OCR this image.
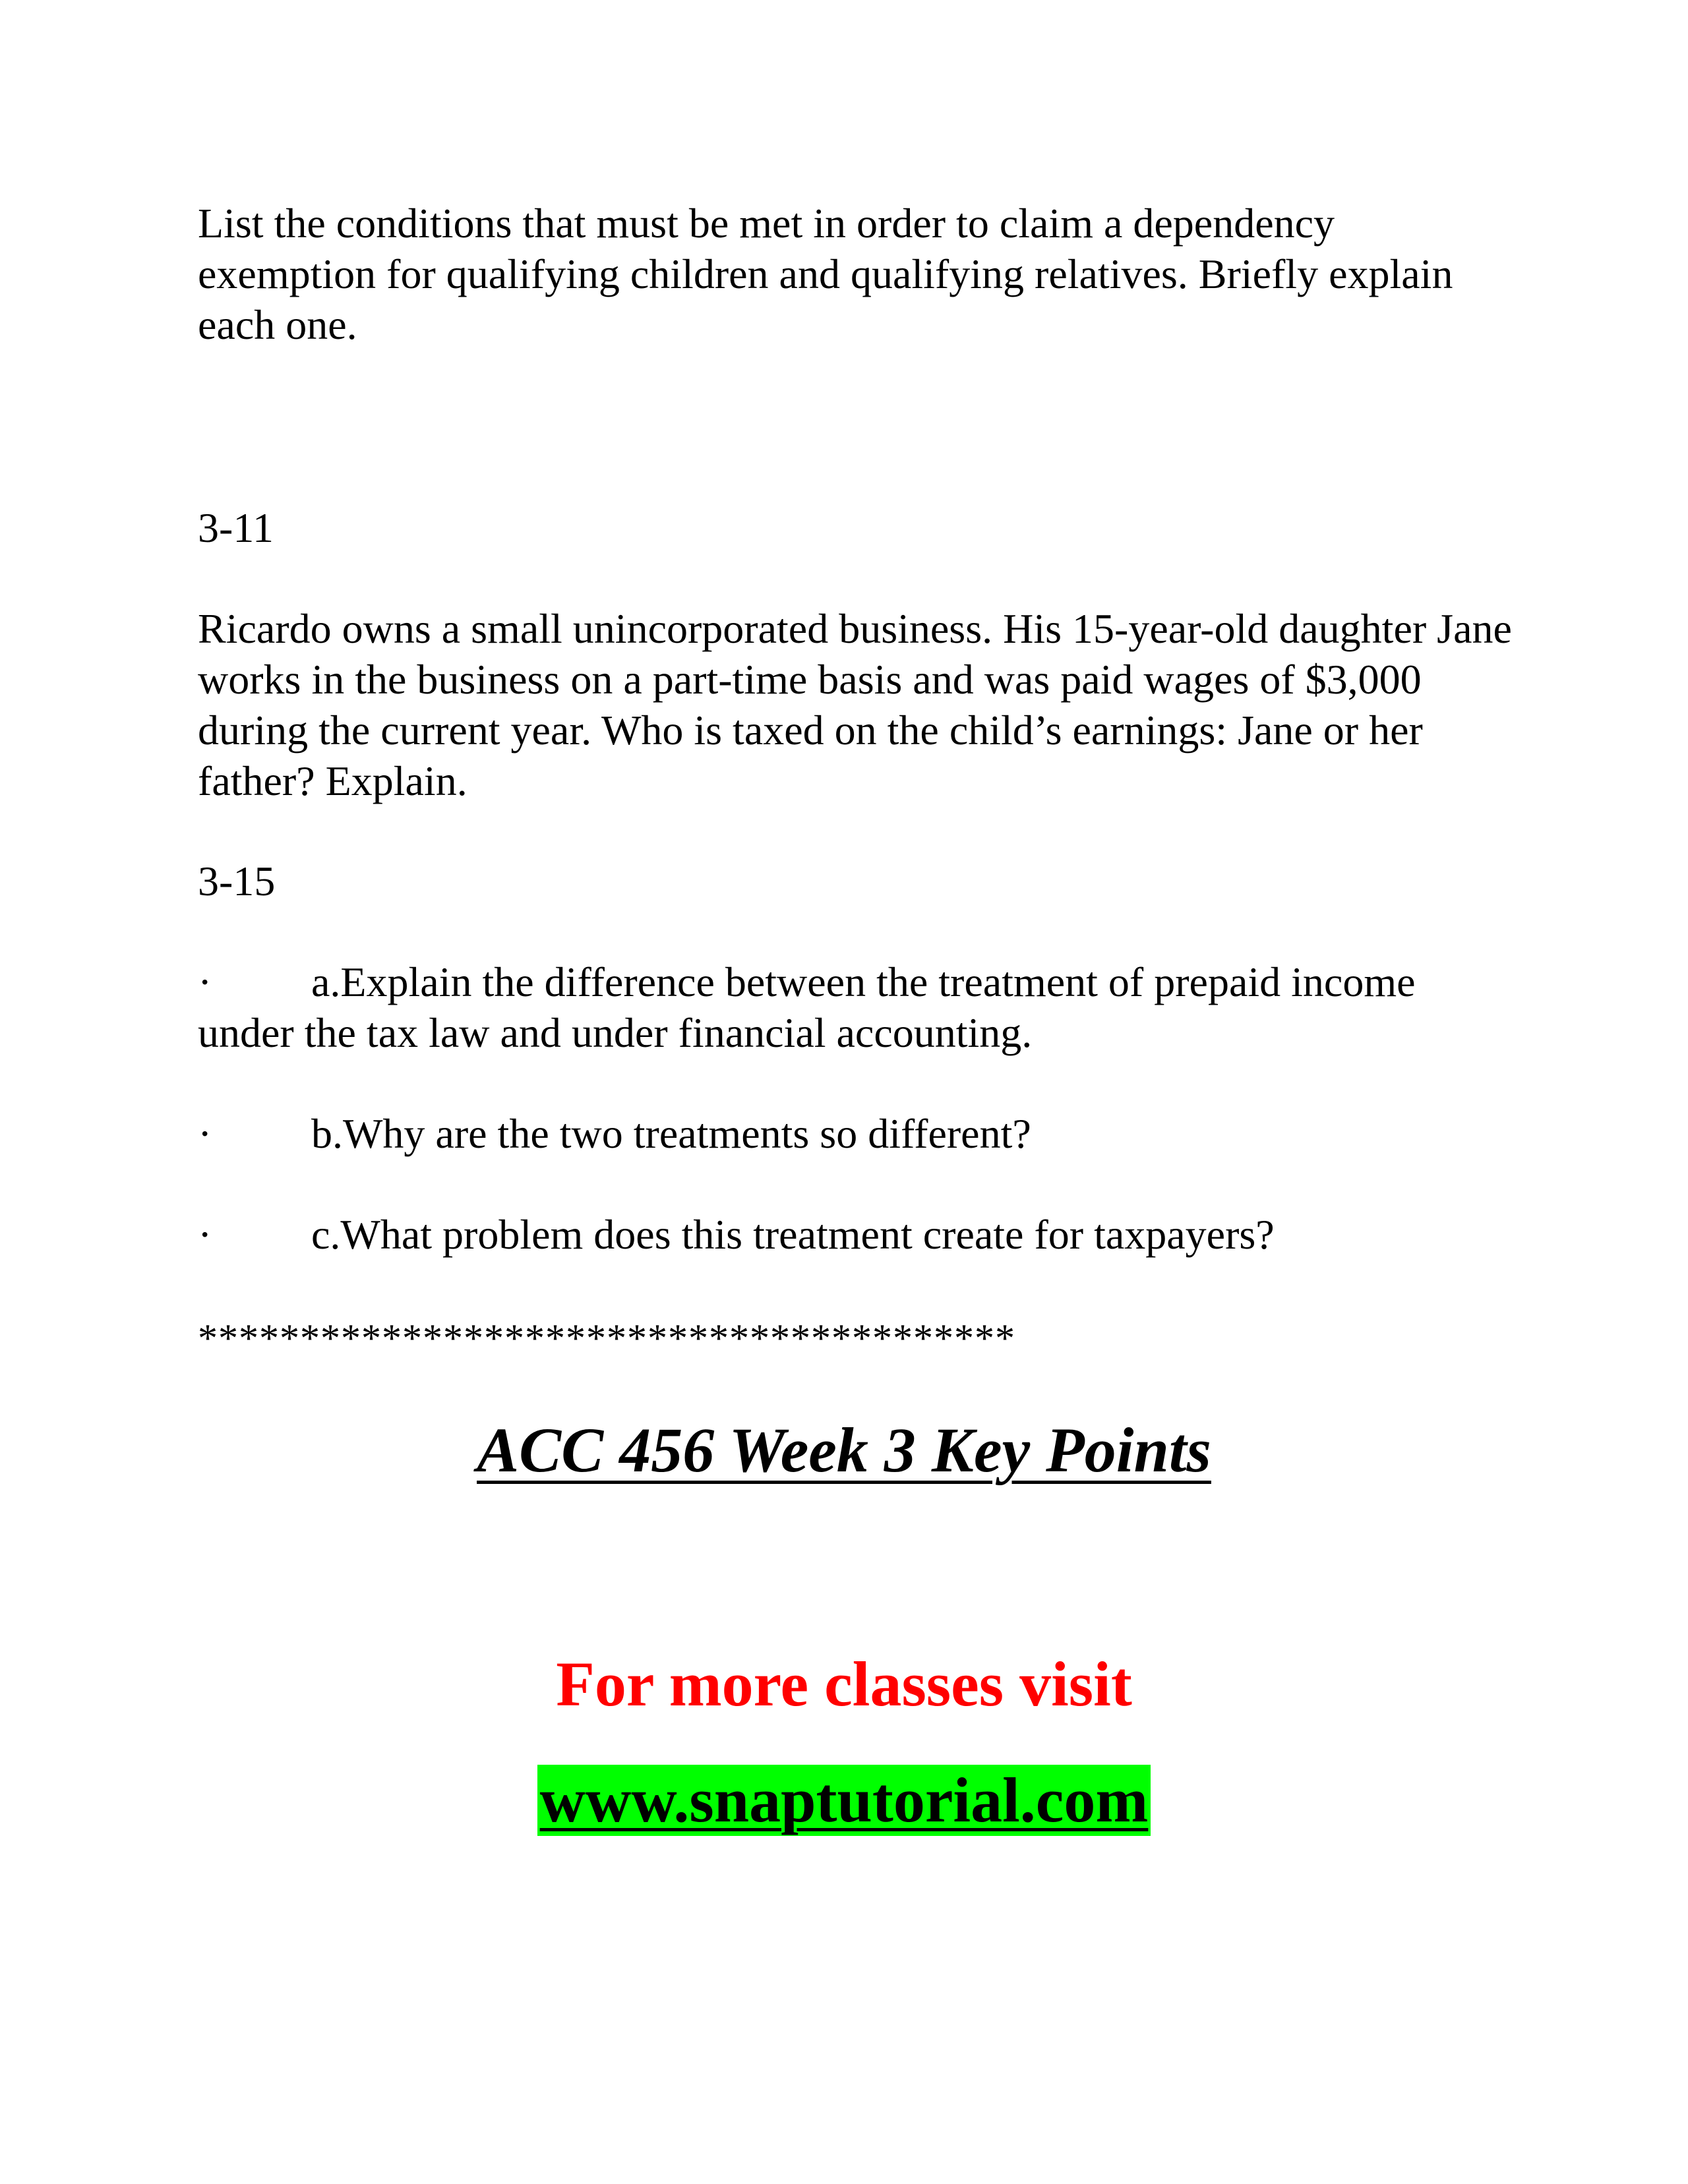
List the conditions that must be met in order to claim a dependency exemption for qualifying children and qualifying relatives. Briefly explain each one.

3-11

Ricardo owns a small unincorporated business. His 15-year-old daughter Jane works in the business on a part-time basis and was paid wages of $3,000 during the current year. Who is taxed on the child’s earnings: Jane or her father? Explain.

3-15

· a.Explain the difference between the treatment of prepaid income under the tax law and under financial accounting.

· b.Why are the two treatments so different?

· c.What problem does this treatment create for taxpayers?

****************************************

ACC 456 Week 3 Key Points

For more classes visit

www.snaptutorial.com
